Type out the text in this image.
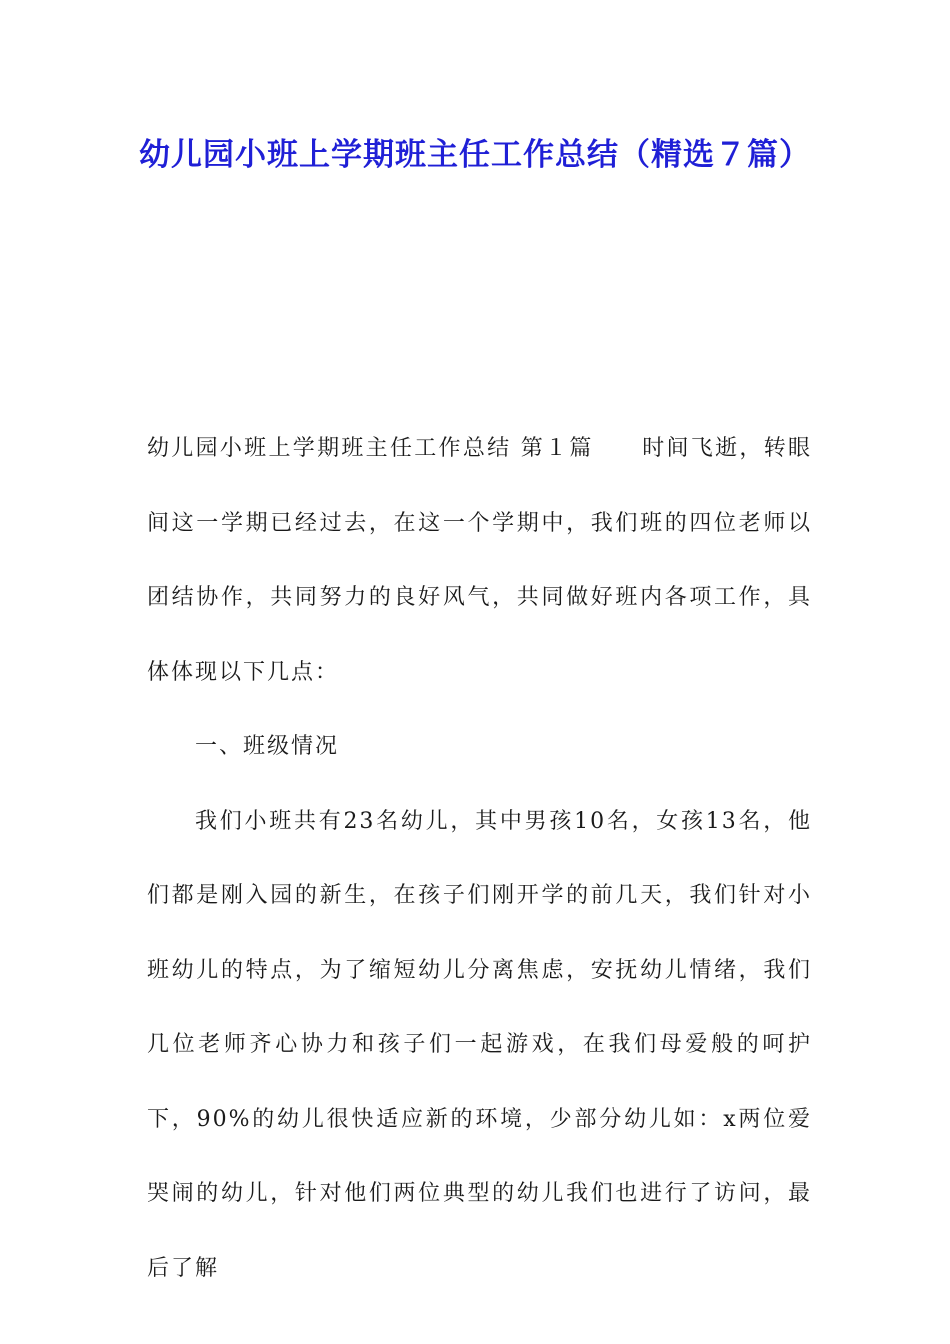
幼儿园小班上学期班主任工作总结（精选７篇）

幼儿园小班上学期班主任工作总结 第１篇　　时间飞逝，转眼间这一学期已经过去，在这一个学期中，我们班的四位老师以团结协作，共同努力的良好风气，共同做好班内各项工作，具体体现以下几点：

一、班级情况

我们小班共有23名幼儿，其中男孩10名，女孩13名，他们都是刚入园的新生，在孩子们刚开学的前几天，我们针对小班幼儿的特点，为了缩短幼儿分离焦虑，安抚幼儿情绪，我们几位老师齐心协力和孩子们一起游戏，在我们母爱般的呵护下，90%的幼儿很快适应新的环境，少部分幼儿如：x两位爱哭闹的幼儿，针对他们两位典型的幼儿我们也进行了访问，最后了解
